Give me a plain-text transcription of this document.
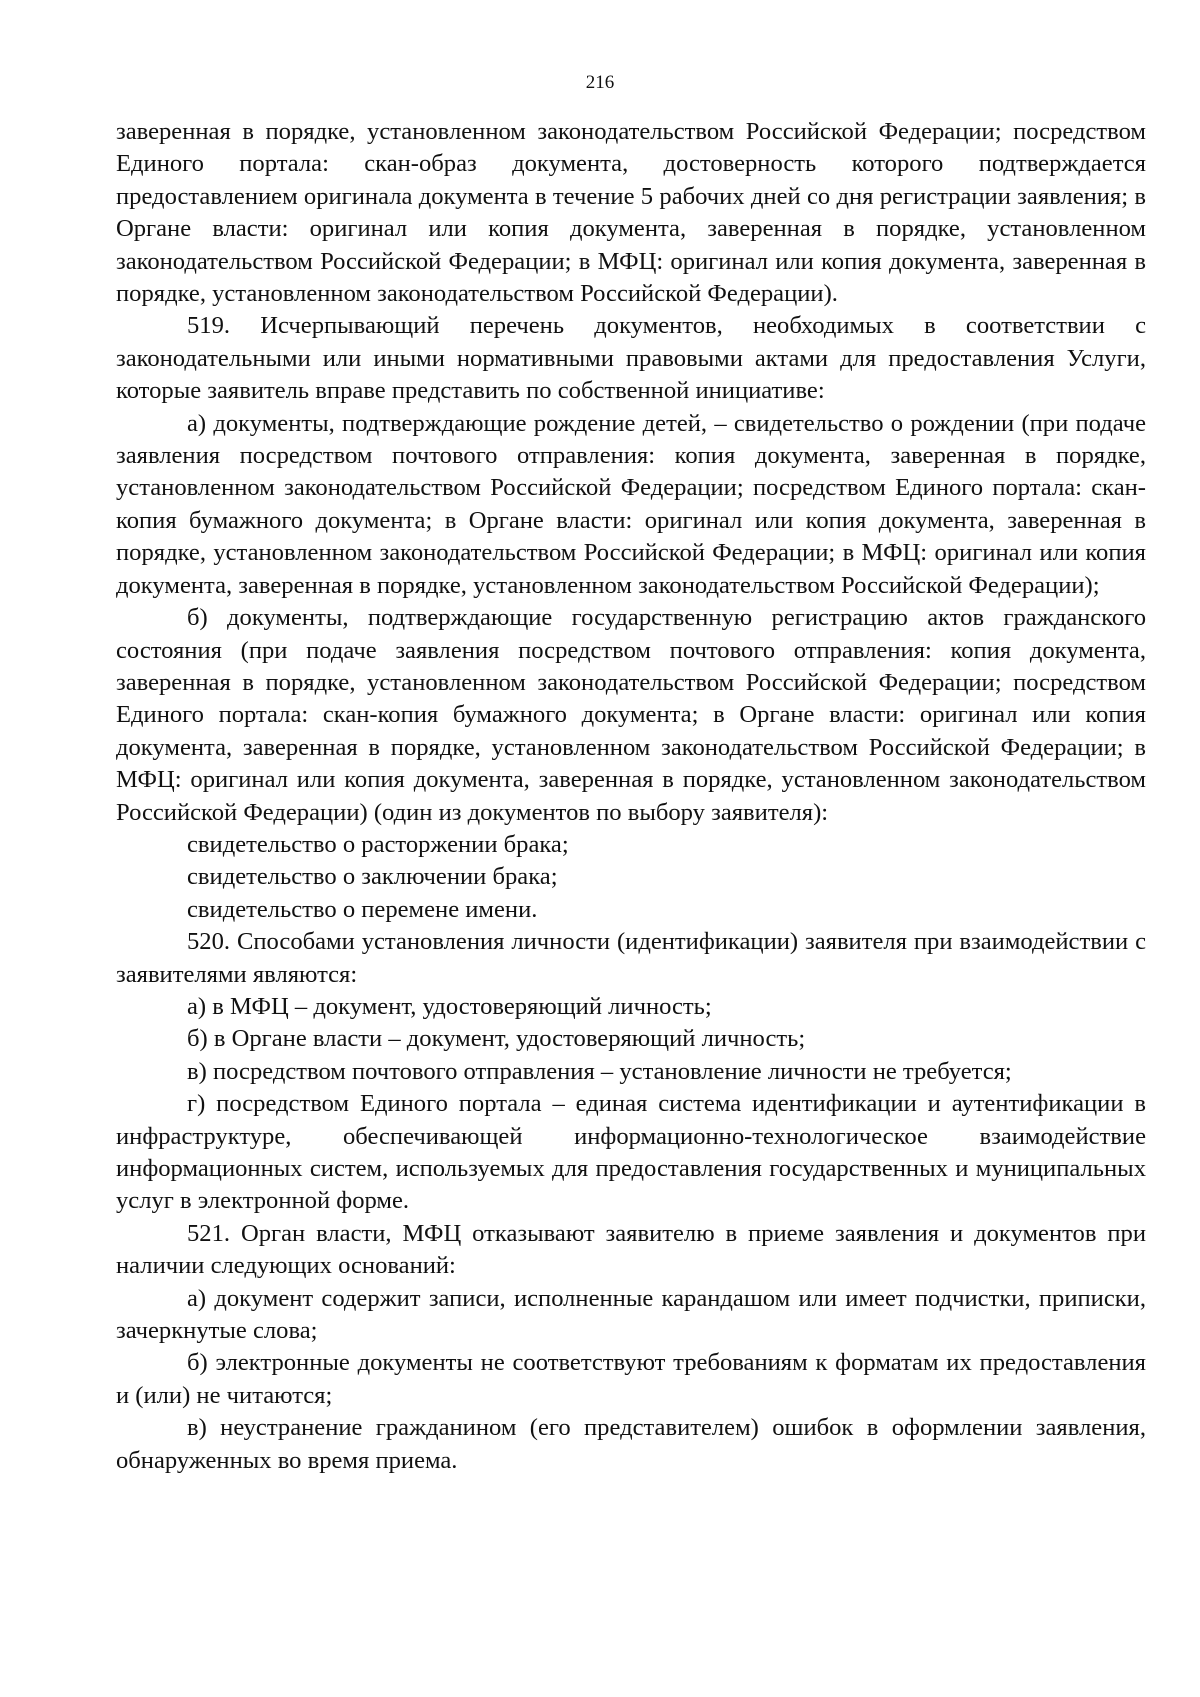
216

заверенная в порядке, установленном законодательством Российской Федерации; посредством Единого портала: скан-образ документа, достоверность которого подтверждается предоставлением оригинала документа в течение 5 рабочих дней со дня регистрации заявления; в Органе власти: оригинал или копия документа, заверенная в порядке, установленном законодательством Российской Федерации; в МФЦ: оригинал или копия документа, заверенная в порядке, установленном законодательством Российской Федерации).

519. Исчерпывающий перечень документов, необходимых в соответствии с законодательными или иными нормативными правовыми актами для предоставления Услуги, которые заявитель вправе представить по собственной инициативе:

а) документы, подтверждающие рождение детей, – свидетельство о рождении (при подаче заявления посредством почтового отправления: копия документа, заверенная в порядке, установленном законодательством Российской Федерации; посредством Единого портала: скан-копия бумажного документа; в Органе власти: оригинал или копия документа, заверенная в порядке, установленном законодательством Российской Федерации; в МФЦ: оригинал или копия документа, заверенная в порядке, установленном законодательством Российской Федерации);

б) документы, подтверждающие государственную регистрацию актов гражданского состояния (при подаче заявления посредством почтового отправления: копия документа, заверенная в порядке, установленном законодательством Российской Федерации; посредством Единого портала: скан-копия бумажного документа; в Органе власти: оригинал или копия документа, заверенная в порядке, установленном законодательством Российской Федерации; в МФЦ: оригинал или копия документа, заверенная в порядке, установленном законодательством Российской Федерации) (один из документов по выбору заявителя):

свидетельство о расторжении брака;

свидетельство о заключении брака;

свидетельство о перемене имени.

520. Способами установления личности (идентификации) заявителя при взаимодействии с заявителями являются:

а) в МФЦ – документ, удостоверяющий личность;

б) в Органе власти – документ, удостоверяющий личность;

в) посредством почтового отправления – установление личности не требуется;

г) посредством Единого портала – единая система идентификации и аутентификации в инфраструктуре, обеспечивающей информационно-технологическое взаимодействие информационных систем, используемых для предоставления государственных и муниципальных услуг в электронной форме.

521. Орган власти, МФЦ отказывают заявителю в приеме заявления и документов при наличии следующих оснований:

а) документ содержит записи, исполненные карандашом или имеет подчистки, приписки, зачеркнутые слова;

б) электронные документы не соответствуют требованиям к форматам их предоставления и (или) не читаются;

в) неустранение гражданином (его представителем) ошибок в оформлении заявления, обнаруженных во время приема.
